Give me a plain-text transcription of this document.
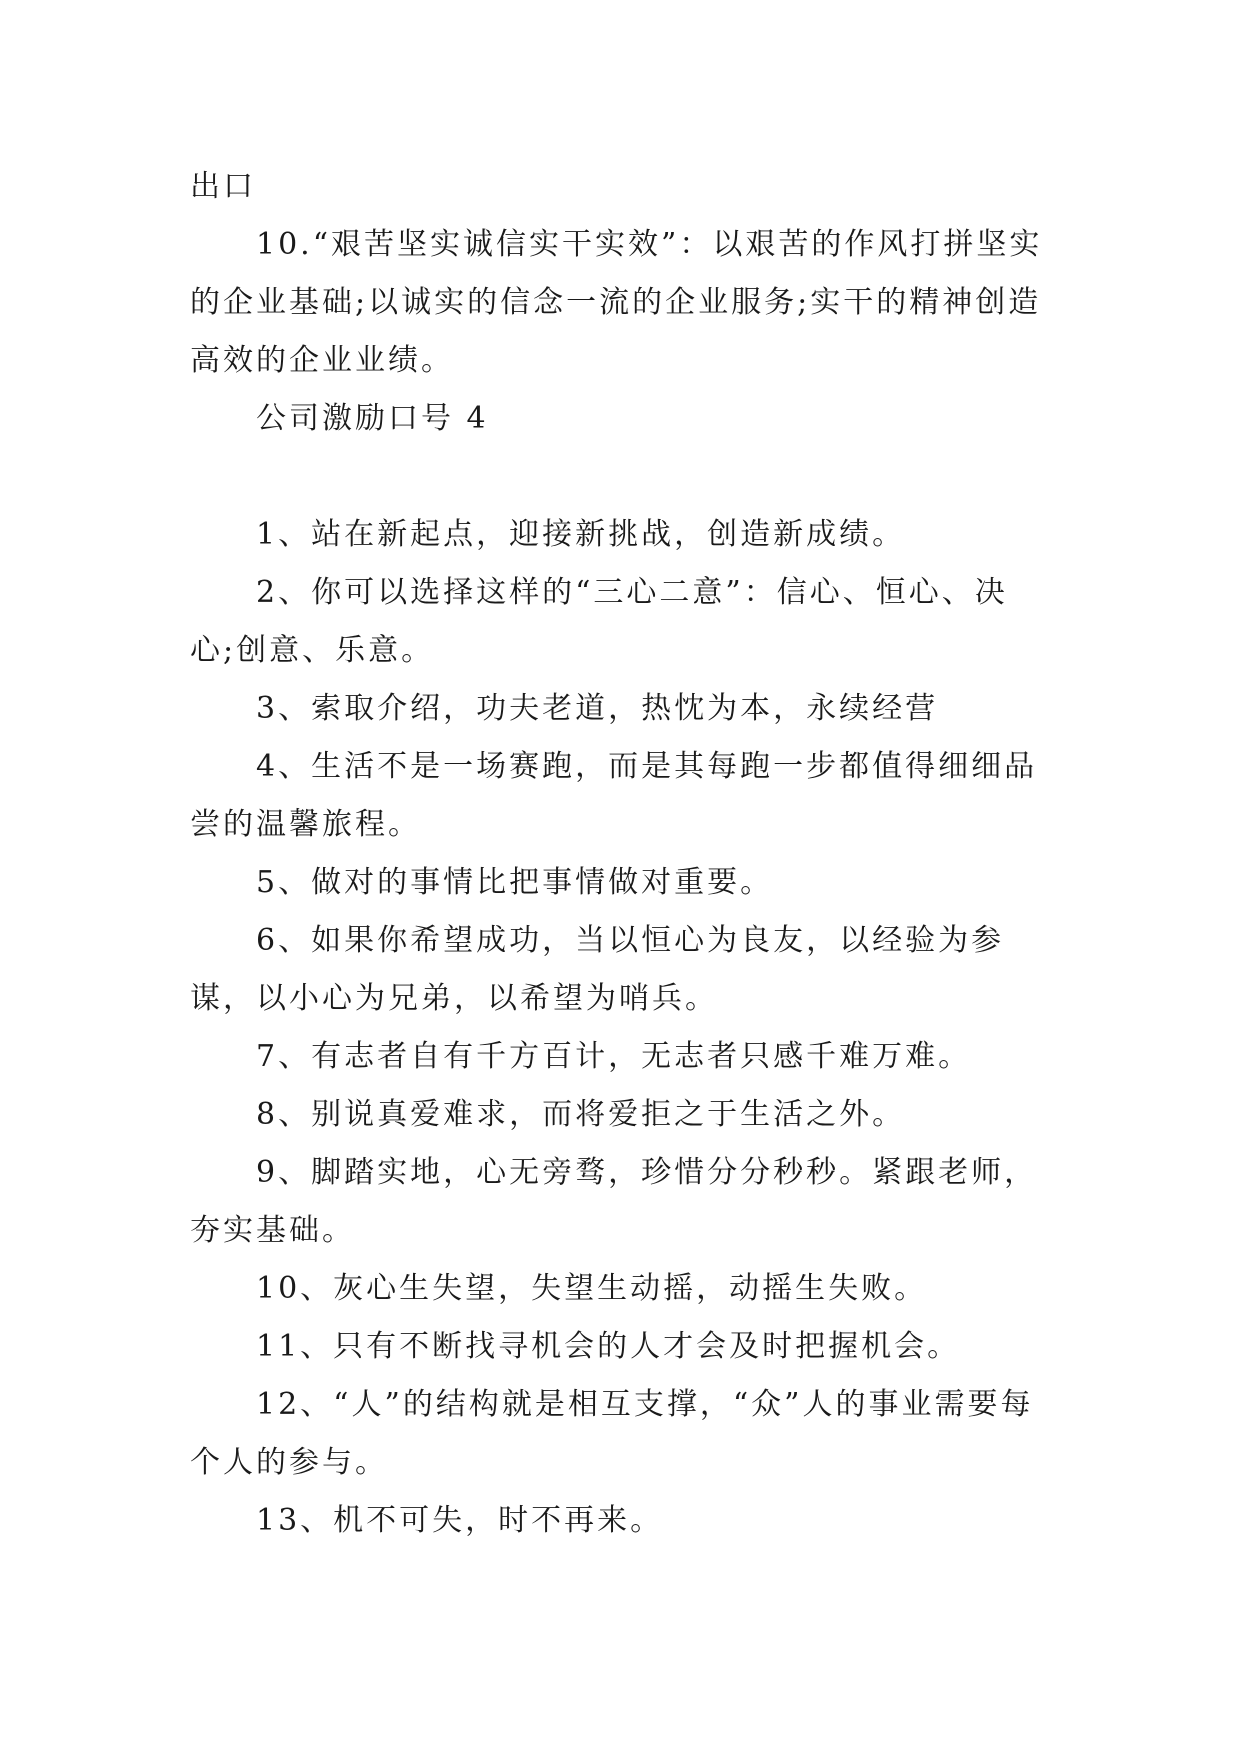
出口

10.“艰苦坚实诚信实干实效”：以艰苦的作风打拼坚实的企业基础;以诚实的信念一流的企业服务;实干的精神创造高效的企业业绩。

公司激励口号 4

1、站在新起点，迎接新挑战，创造新成绩。

2、你可以选择这样的“三心二意”：信心、恒心、决心;创意、乐意。

3、索取介绍，功夫老道，热忱为本，永续经营

4、生活不是一场赛跑，而是其每跑一步都值得细细品尝的温馨旅程。

5、做对的事情比把事情做对重要。

6、如果你希望成功，当以恒心为良友，以经验为参谋，以小心为兄弟，以希望为哨兵。

7、有志者自有千方百计，无志者只感千难万难。

8、别说真爱难求，而将爱拒之于生活之外。

9、脚踏实地，心无旁骛，珍惜分分秒秒。紧跟老师，夯实基础。

10、灰心生失望，失望生动摇，动摇生失败。

11、只有不断找寻机会的人才会及时把握机会。

12、“人”的结构就是相互支撑，“众”人的事业需要每个人的参与。

13、机不可失，时不再来。
